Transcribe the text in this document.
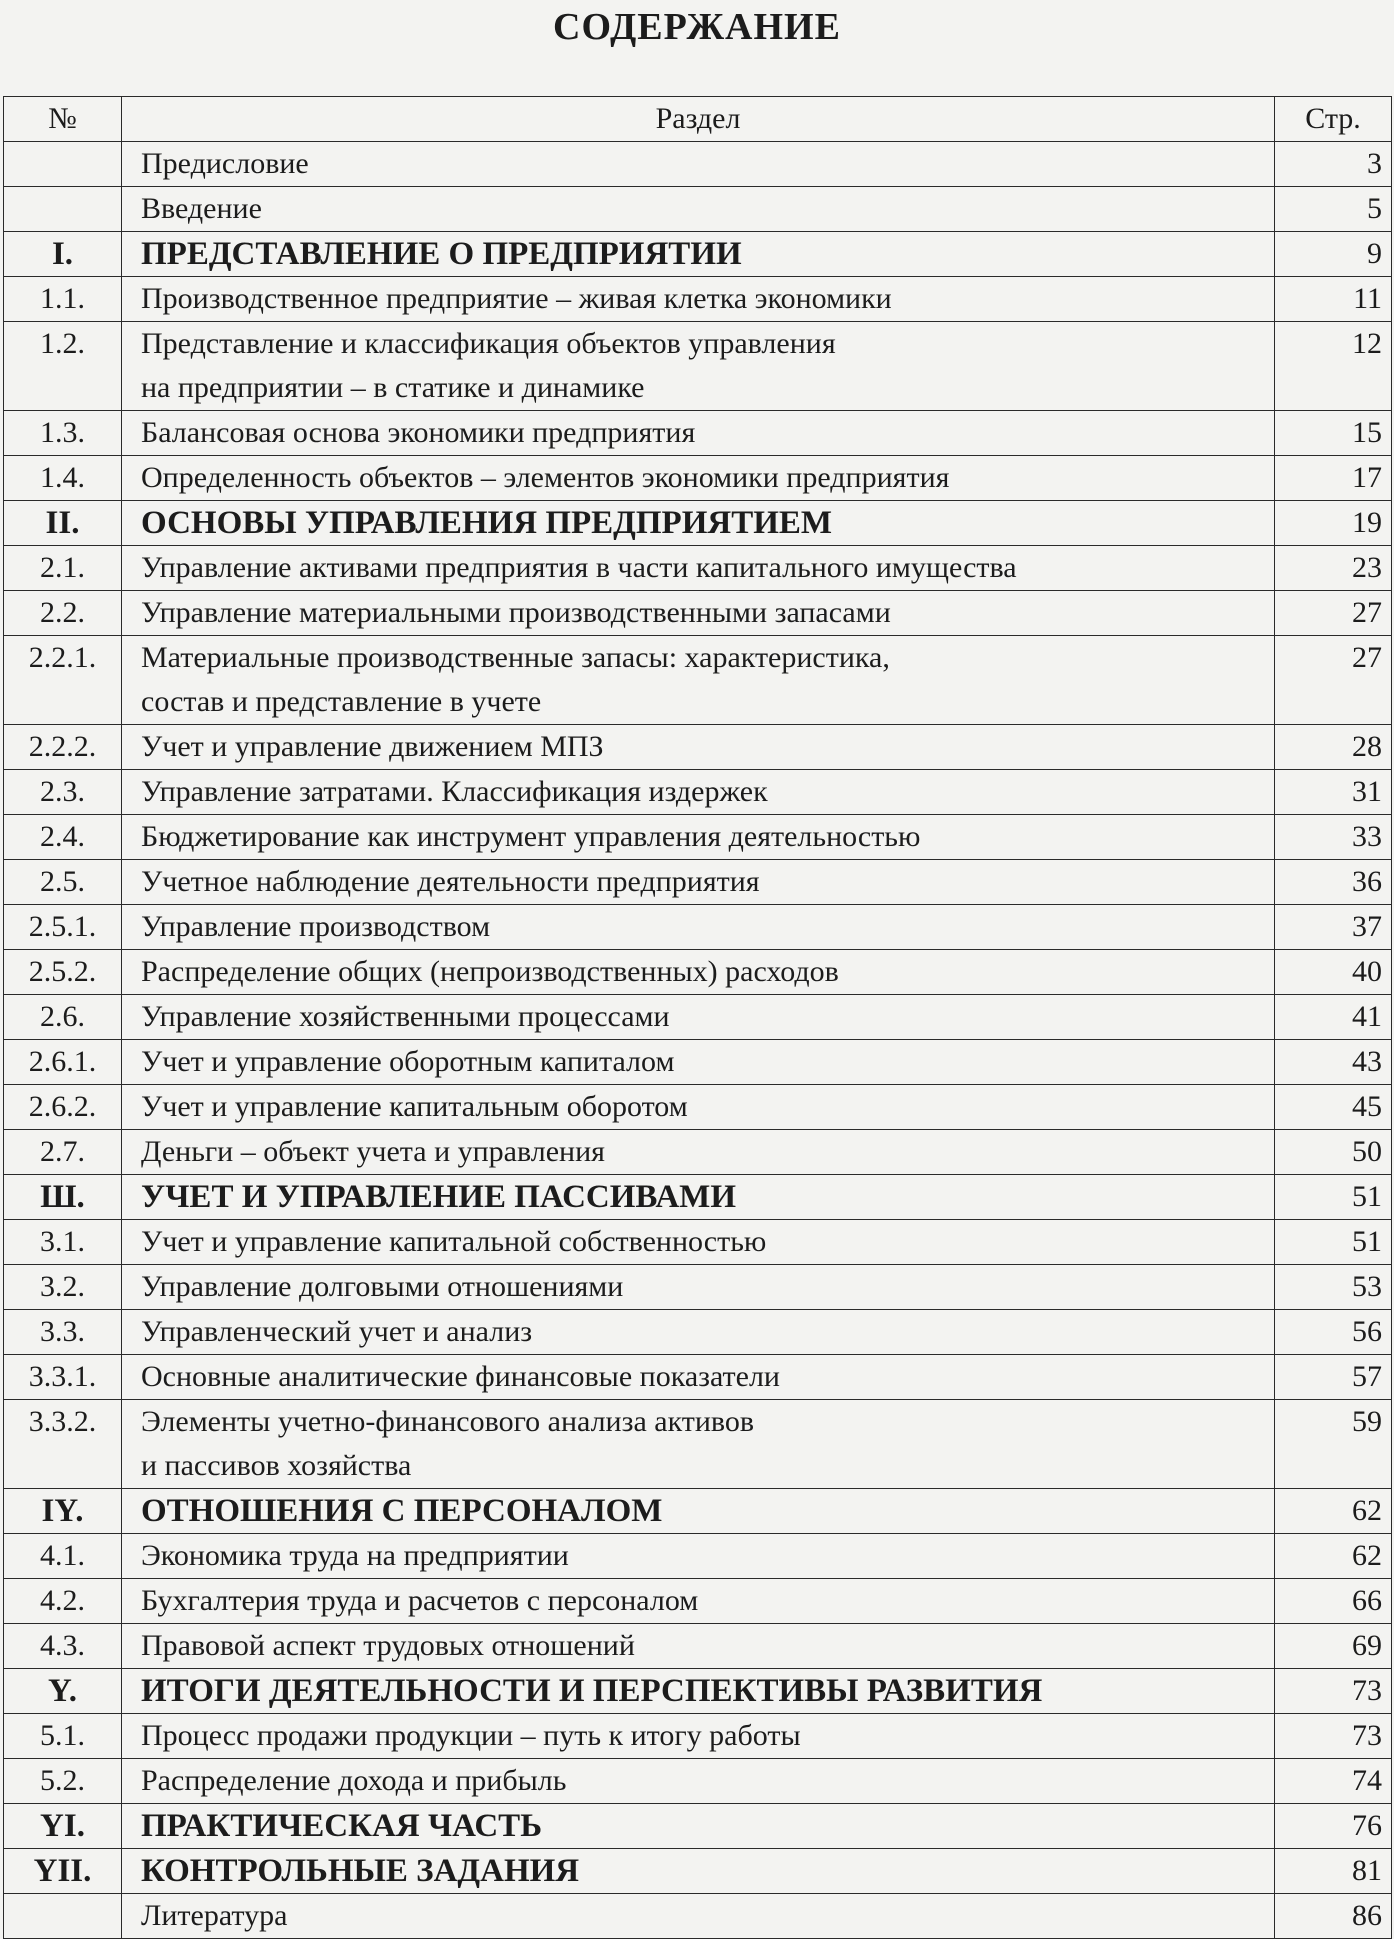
СОДЕРЖАНИЕ
№	Раздел	Стр.

	Предисловие	3

	Введение	5
I.	ПРЕДСТАВЛЕНИЕ О ПРЕДПРИЯТИИ	9
1.1.	Производственное предприятие – живая клетка экономики	11
1.2.	Представление и классификация объектов управления
на предприятии – в статике и динамике	12
1.3.	Балансовая основа экономики предприятия	15
1.4.	Определенность объектов – элементов экономики предприятия	17
II.	ОСНОВЫ УПРАВЛЕНИЯ ПРЕДПРИЯТИЕМ	19
2.1.	Управление активами предприятия в части капитального имущества	23
2.2.	Управление материальными производственными запасами	27
2.2.1.	Материальные производственные запасы: характеристика,
состав и представление в учете	27
2.2.2.	Учет и управление движением МПЗ	28
2.3.	Управление затратами. Классификация издержек	31
2.4.	Бюджетирование как инструмент управления деятельностью	33
2.5.	Учетное наблюдение деятельности предприятия	36
2.5.1.	Управление производством	37
2.5.2.	Распределение общих (непроизводственных) расходов	40
2.6.	Управление хозяйственными процессами	41
2.6.1.	Учет и управление оборотным капиталом	43
2.6.2.	Учет и управление капитальным оборотом	45
2.7.	Деньги – объект учета и управления	50
Ш.	УЧЕТ И УПРАВЛЕНИЕ ПАССИВАМИ	51
3.1.	Учет и управление капитальной собственностью	51
3.2.	Управление долговыми отношениями	53
3.3.	Управленческий учет и анализ	56
3.3.1.	Основные аналитические финансовые показатели	57
3.3.2.	Элементы учетно-финансового анализа активов
и пассивов хозяйства	59
IY.	ОТНОШЕНИЯ С ПЕРСОНАЛОМ	62
4.1.	Экономика труда на предприятии	62
4.2.	Бухгалтерия труда и расчетов с персоналом	66
4.3.	Правовой аспект трудовых отношений	69
Y.	ИТОГИ ДЕЯТЕЛЬНОСТИ И ПЕРСПЕКТИВЫ РАЗВИТИЯ	73
5.1.	Процесс продажи продукции – путь к итогу работы	73
5.2.	Распределение дохода и прибыль	74
YI.	ПРАКТИЧЕСКАЯ ЧАСТЬ	76
YII.	КОНТРОЛЬНЫЕ ЗАДАНИЯ	81

	Литература	86
